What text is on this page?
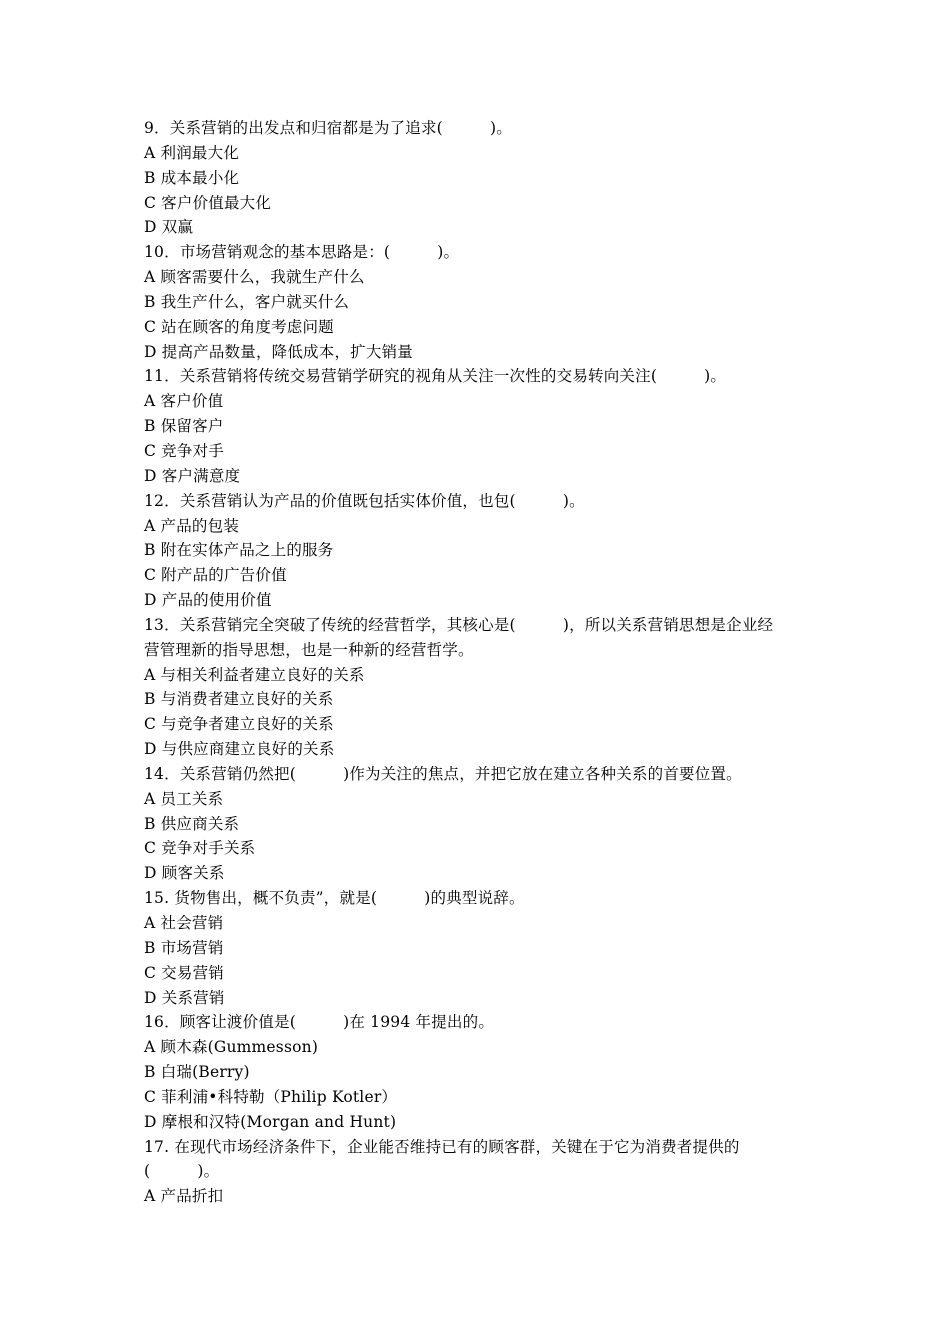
9．关系营销的出发点和归宿都是为了追求(　　　)。
A 利润最大化
B 成本最小化
C 客户价值最大化
D 双赢
10．市场营销观念的基本思路是：(　　　)。
A 顾客需要什么，我就生产什么
B 我生产什么，客户就买什么
C 站在顾客的角度考虑问题
D 提高产品数量，降低成本，扩大销量
11．关系营销将传统交易营销学研究的视角从关注一次性的交易转向关注(　　　)。
A 客户价值
B 保留客户
C 竞争对手
D 客户满意度
12．关系营销认为产品的价值既包括实体价值，也包(　　　)。
A 产品的包装
B 附在实体产品之上的服务
C 附产品的广告价值
D 产品的使用价值
13．关系营销完全突破了传统的经营哲学，其核心是(　　　)，所以关系营销思想是企业经
营管理新的指导思想，也是一种新的经营哲学。
A 与相关利益者建立良好的关系
B 与消费者建立良好的关系
C 与竞争者建立良好的关系
D 与供应商建立良好的关系
14．关系营销仍然把(　　　)作为关注的焦点，并把它放在建立各种关系的首要位置。
A 员工关系
B 供应商关系
C 竞争对手关系
D 顾客关系
15. 货物售出，概不负责”，就是(　　　)的典型说辞。
A 社会营销
B 市场营销
C 交易营销
D 关系营销
16．顾客让渡价值是(　　　)在 1994 年提出的。
A 顾木森(Gummesson)
B 白瑞(Berry)
C 菲利浦•科特勒（Philip Kotler）
D 摩根和汉特(Morgan and Hunt)
17. 在现代市场经济条件下，企业能否维持已有的顾客群，关键在于它为消费者提供的
(　　　)。
A 产品折扣
